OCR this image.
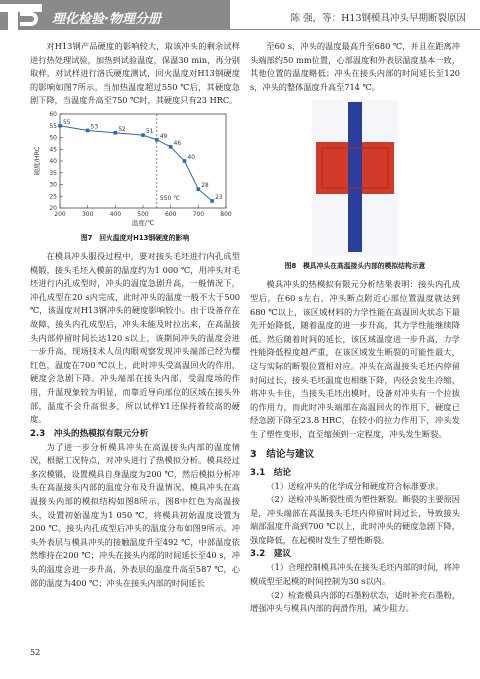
理化检验·物理分册	陈 强，等：H13钢模具冲头早期断裂原因

对H13钢产品硬度的影响较大，取该冲头的剩余试样进行热处理试验，加热到试验温度，保温30 min，再分别取样，对试样进行洛氏硬度测试，回火温度对H13钢硬度的影响如图7所示。当加热温度超过550 ℃后，其硬度急剧下降，当温度升高至750 ℃时，其硬度只有23 HRC。

200	300	400	500	600	700	800
20
25
30
35
40
45
50
55
60
温度/℃
硬度/HRC
550 ℃
55
53	52	51
49
46
40
28
23
图7　回火温度对H13钢硬度的影响

在模具冲头服役过程中，要对接头毛坯进行内孔成型模锻，接头毛坯入模前的温度约为1 000 ℃，用冲头对毛坯进行内孔成型时，冲头的温度急剧升高，一般情况下，冲孔成型在20 s内完成，此时冲头的温度一般不大于500 ℃，该温度对H13钢冲头的硬度影响较小。由于设备存在故障，接头内孔成型后，冲头未能及时拉出来，在高温接头内部停留时间长达120 s以上，该期间冲头的温度会进一步升高，现场技术人员肉眼观察发现冲头端部已经为樱红色，温度在700 ℃以上，此时冲头受高温回火的作用，硬度会急剧下降。冲头端部在接头内部，受温度场的作用，升温现象较为明显，而靠近导向部位的区域在接头外部，温度不会升高很多，所以试样Y1还保持着较高的硬度。

2.3　冲头的热模拟有限元分析

为了进一步分析模具冲头在高温接头内部的温度情况，根据工况特点，对冲头进行了热模拟分析。模具经过多次模锻，设置模具自身温度为200 ℃，然后模拟分析冲头在高温接头内部的温度分布及升温情况。模具冲头在高温接头内部的模拟结构如图8所示，图8中红色为高温接头，设置初始温度为1 050 ℃，将模具初始温度设置为200 ℃。接头内孔成型后冲头的温度分布如图9所示。冲头外表层与模具冲头的接触温度升至492 ℃，中部温度依然维持在200 ℃；冲头在接头内部的时间延长至40 s，冲头的温度会进一步升高，外表层的温度升高至587 ℃，心部的温度为400 ℃；冲头在接头内部的时间延长

至60 s，冲头的温度最高升至680 ℃，并且在距离冲头端部约50 mm位置，心部温度和外表层温度基本一致，其他位置的温度略低；冲头在接头内部的时间延长至120 s，冲头的整体温度升高至714 ℃。

图8　模具冲头在高温接头内部的模拟结构示意

模具冲头的热模拟有限元分析结果表明：接头内孔成型后，在60 s左右，冲头断点附近心部位置温度就达到680 ℃以上，该区域材料的力学性能在高温回火状态下最先开始降低，随着温度的进一步升高，其力学性能继续降低。然后随着时间的延长，该区域温度进一步升高，力学性能降低程度越严重，在该区域发生断裂的可能性最大，这与实际的断裂位置相对应。冲头在高温接头毛坯内停留时间过长，接头毛坯温度也相继下降，内径会发生冷缩，将冲头卡住，当接头毛坯出模时，设备对冲头有一个拉拔的作用力，而此时冲头端部在高温回火的作用下，硬度已经急剧下降至23.8 HRC，在较小的拉力作用下，冲头发生了塑性变形，直至缩颈到一定程度，冲头发生断裂。

3　结论与建议
3.1　结论

（1）送检冲头的化学成分和硬度符合标准要求。

（2）送检冲头断裂性质为塑性断裂。断裂的主要原因是，冲头端部在高温接头毛坯内停留时间过长，导致接头端部温度升高到700 ℃以上，此时冲头的硬度急剧下降，强度降低，在起模时发生了塑性断裂。

3.2　建议

（1）合理控制模具冲头在接头毛坯内部的时间，将冲模成型至起模的时间控制为30 s以内。

（2）检查模具内部的石墨粉状态，适时补充石墨粉，增强冲头与模具内部的润滑作用，减少阻力。

52
